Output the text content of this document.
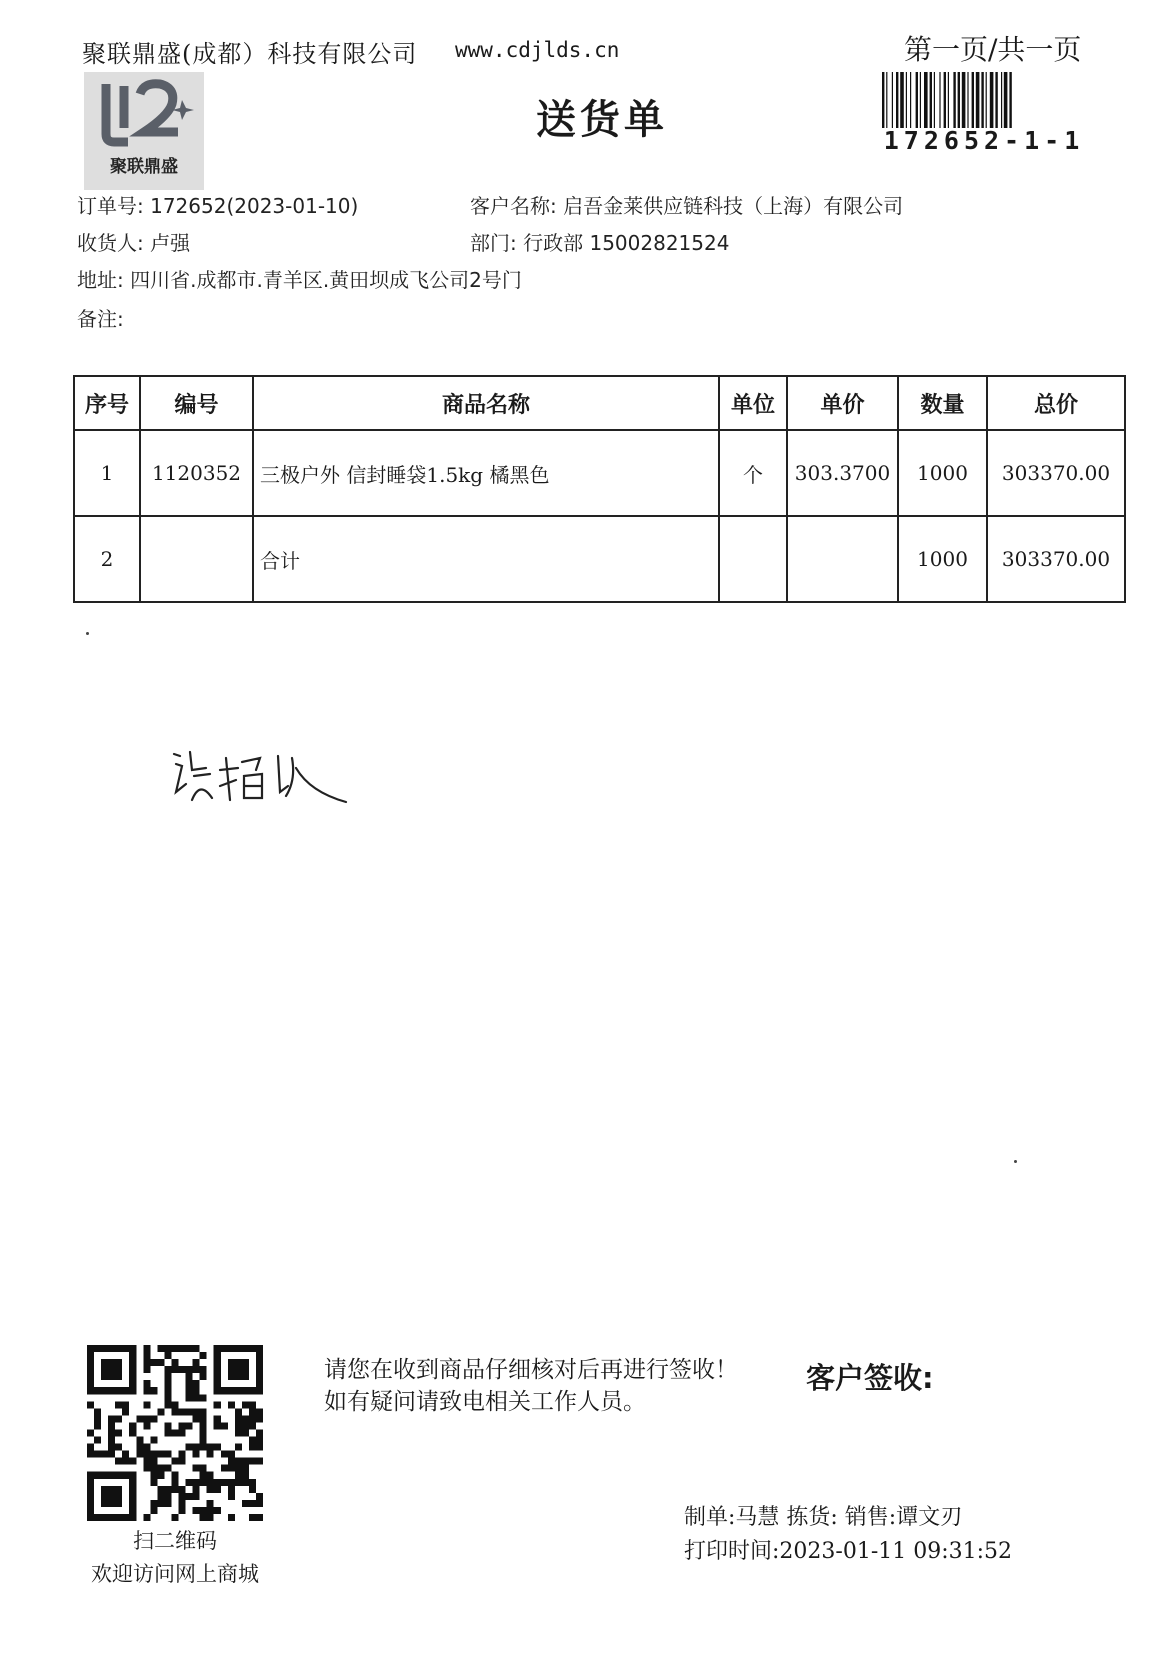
聚联鼎盛(成都）科技有限公司 www.cdjlds.cn	第一页/共一页
聚联鼎盛
送货单	172652-1-1
订单号: 172652(2023-01-10)	客户名称: 启吾金莱供应链科技（上海）有限公司
收货人: 卢强	部门: 行政部 15002821524
地址: 四川省.成都市.青羊区.黄田坝成飞公司2号门
备注:
序号	编号	商品名称	单位	单价	数量	总价
1	1120352	三极户外 信封睡袋1.5kg 橘黑色	个	303.3700	1000	303370.00
2		合计			1000	303370.00
扫二维码
欢迎访问网上商城
请您在收到商品仔细核对后再进行签收！如有疑问请致电相关工作人员。
客户签收:
制单:马慧 拣货: 销售:谭文刃
打印时间:2023-01-11 09:31:52
